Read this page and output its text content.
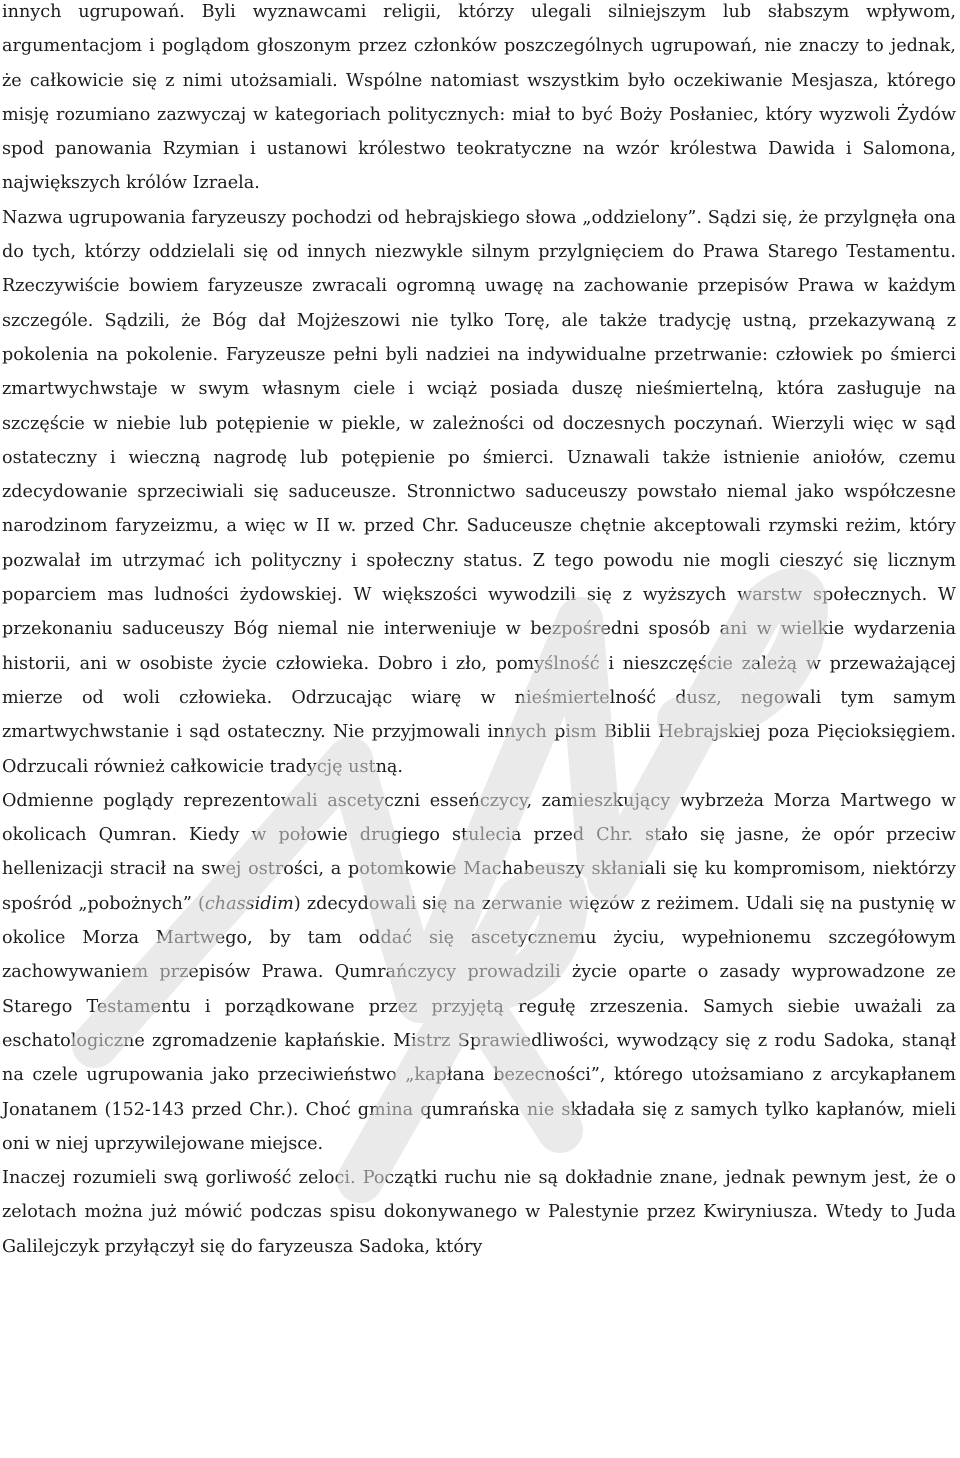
innych ugrupowań. Byli wyznawcami religii, którzy ulegali silniejszym lub słabszym wpływom, argumentacjom i poglądom głoszonym przez członków poszczególnych ugrupowań, nie znaczy to jednak, że całkowicie się z nimi utożsamiali. Wspólne natomiast wszystkim było oczekiwanie Mesjasza, którego misję rozumiano zazwyczaj w kategoriach politycznych: miał to być Boży Posłaniec, który wyzwoli Żydów spod panowania Rzymian i ustanowi królestwo teokratyczne na wzór królestwa Dawida i Salomona, największych królów Izraela.

Nazwa ugrupowania faryzeuszy pochodzi od hebrajskiego słowa „oddzielony”. Sądzi się, że przylgnęła ona do tych, którzy oddzielali się od innych niezwykle silnym przylgnięciem do Prawa Starego Testamentu. Rzeczywiście bowiem faryzeusze zwracali ogromną uwagę na zachowanie przepisów Prawa w każdym szczególe. Sądzili, że Bóg dał Mojżeszowi nie tylko Torę, ale także tradycję ustną, przekazywaną z pokolenia na pokolenie. Faryzeusze pełni byli nadziei na indywidualne przetrwanie: człowiek po śmierci zmartwychwstaje w swym własnym ciele i wciąż posiada duszę nieśmiertelną, która zasługuje na szczęście w niebie lub potępienie w piekle, w zależności od doczesnych poczynań. Wierzyli więc w sąd ostateczny i wieczną nagrodę lub potępienie po śmierci. Uznawali także istnienie aniołów, czemu zdecydowanie sprzeciwiali się saduceusze. Stronnictwo saduceuszy powstało niemal jako współczesne narodzinom faryzeizmu, a więc w II w. przed Chr. Saduceusze chętnie akceptowali rzymski reżim, który pozwalał im utrzymać ich polityczny i społeczny status. Z tego powodu nie mogli cieszyć się licznym poparciem mas ludności żydowskiej. W większości wywodzili się z wyższych warstw społecznych. W przekonaniu saduceuszy Bóg niemal nie interweniuje w bezpośredni sposób ani w wielkie wydarzenia historii, ani w osobiste życie człowieka. Dobro i zło, pomyślność i nieszczęście zależą w przeważającej mierze od woli człowieka. Odrzucając wiarę w nieśmiertelność dusz, negowali tym samym zmartwychwstanie i sąd ostateczny. Nie przyjmowali innych pism Biblii Hebrajskiej poza Pięcioksięgiem. Odrzucali również całkowicie tradycję ustną.

Odmienne poglądy reprezentowali ascetyczni esseńczycy, zamieszkujący wybrzeża Morza Martwego w okolicach Qumran. Kiedy w połowie drugiego stulecia przed Chr. stało się jasne, że opór przeciw hellenizacji stracił na swej ostrości, a potomkowie Machabeuszy skłaniali się ku kompromisom, niektórzy spośród „pobożnych” (chassidim) zdecydowali się na zerwanie więzów z reżimem. Udali się na pustynię w okolice Morza Martwego, by tam oddać się ascetycznemu życiu, wypełnionemu szczegółowym zachowywaniem przepisów Prawa. Qumrańczycy prowadzili życie oparte o zasady wyprowadzone ze Starego Testamentu i porządkowane przez przyjętą regułę zrzeszenia. Samych siebie uważali za eschatologiczne zgromadzenie kapłańskie. Mistrz Sprawiedliwości, wywodzący się z rodu Sadoka, stanął na czele ugrupowania jako przeciwieństwo „kapłana bezecności”, którego utożsamiano z arcykapłanem Jonatanem (152-143 przed Chr.). Choć gmina qumrańska nie składała się z samych tylko kapłanów, mieli oni w niej uprzywilejowane miejsce.

Inaczej rozumieli swą gorliwość zeloci. Początki ruchu nie są dokładnie znane, jednak pewnym jest, że o zelotach można już mówić podczas spisu dokonywanego w Palestynie przez Kwiryniusza. Wtedy to Juda Galilejczyk przyłączył się do faryzeusza Sadoka, który
